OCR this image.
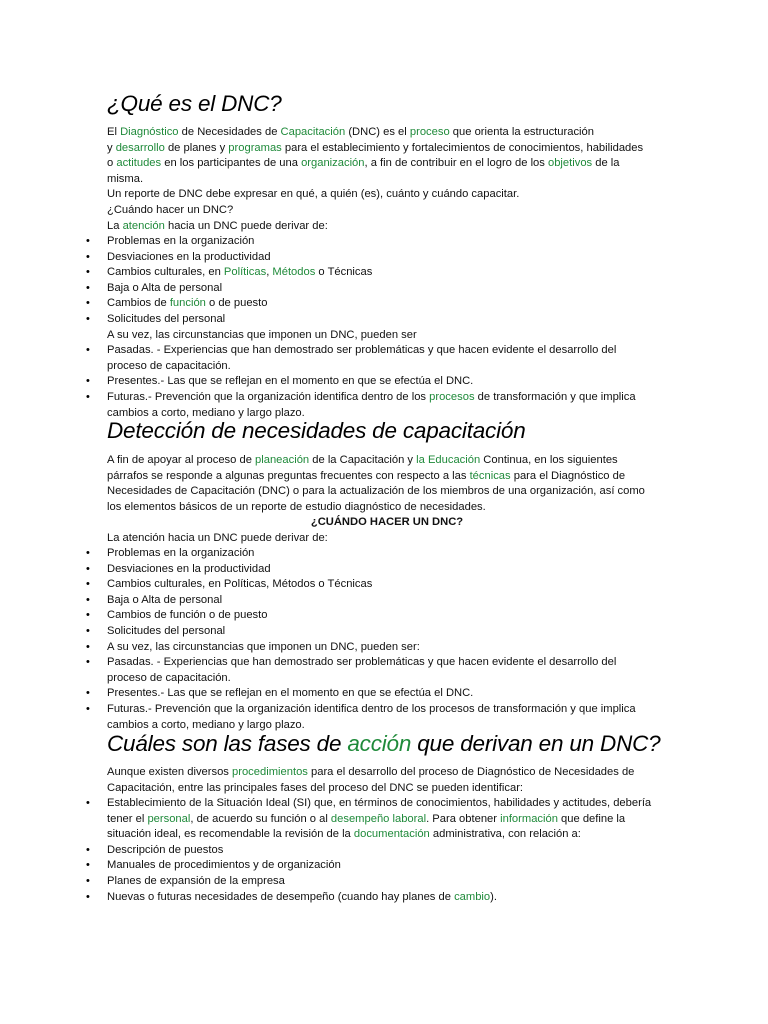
¿Qué es el DNC?
El Diagnóstico de Necesidades de Capacitación (DNC) es el proceso que orienta la estructuración
y desarrollo de planes y programas para el establecimiento y fortalecimientos de conocimientos, habilidades
o actitudes en los participantes de una organización, a fin de contribuir en el logro de los objetivos de la
misma.
Un reporte de DNC debe expresar en qué, a quién (es), cuánto y cuándo capacitar.
¿Cuándo hacer un DNC?
La atención hacia un DNC puede derivar de:
• Problemas en la organización
• Desviaciones en la productividad
• Cambios culturales, en Políticas, Métodos o Técnicas
• Baja o Alta de personal
• Cambios de función o de puesto
• Solicitudes del personal
A su vez, las circunstancias que imponen un DNC, pueden ser
• Pasadas. - Experiencias que han demostrado ser problemáticas y que hacen evidente el desarrollo del
proceso de capacitación.
• Presentes.- Las que se reflejan en el momento en que se efectúa el DNC.
• Futuras.- Prevención que la organización identifica dentro de los procesos de transformación y que implica
cambios a corto, mediano y largo plazo.
Detección de necesidades de capacitación
A fin de apoyar al proceso de planeación de la Capacitación y la Educación Continua, en los siguientes
párrafos se responde a algunas preguntas frecuentes con respecto a las técnicas para el Diagnóstico de
Necesidades de Capacitación (DNC) o para la actualización de los miembros de una organización, así como
los elementos básicos de un reporte de estudio diagnóstico de necesidades.
¿CUÁNDO HACER UN DNC?
La atención hacia un DNC puede derivar de:
• Problemas en la organización
• Desviaciones en la productividad
• Cambios culturales, en Políticas, Métodos o Técnicas
• Baja o Alta de personal
• Cambios de función o de puesto
• Solicitudes del personal
• A su vez, las circunstancias que imponen un DNC, pueden ser:
• Pasadas. - Experiencias que han demostrado ser problemáticas y que hacen evidente el desarrollo del
proceso de capacitación.
• Presentes.- Las que se reflejan en el momento en que se efectúa el DNC.
• Futuras.- Prevención que la organización identifica dentro de los procesos de transformación y que implica
cambios a corto, mediano y largo plazo.
Cuáles son las fases de acción que derivan en un DNC?
Aunque existen diversos procedimientos para el desarrollo del proceso de Diagnóstico de Necesidades de
Capacitación, entre las principales fases del proceso del DNC se pueden identificar:
• Establecimiento de la Situación Ideal (SI) que, en términos de conocimientos, habilidades y actitudes, debería
tener el personal, de acuerdo su función o al desempeño laboral. Para obtener información que define la
situación ideal, es recomendable la revisión de la documentación administrativa, con relación a:
• Descripción de puestos
• Manuales de procedimientos y de organización
• Planes de expansión de la empresa
• Nuevas o futuras necesidades de desempeño (cuando hay planes de cambio).
